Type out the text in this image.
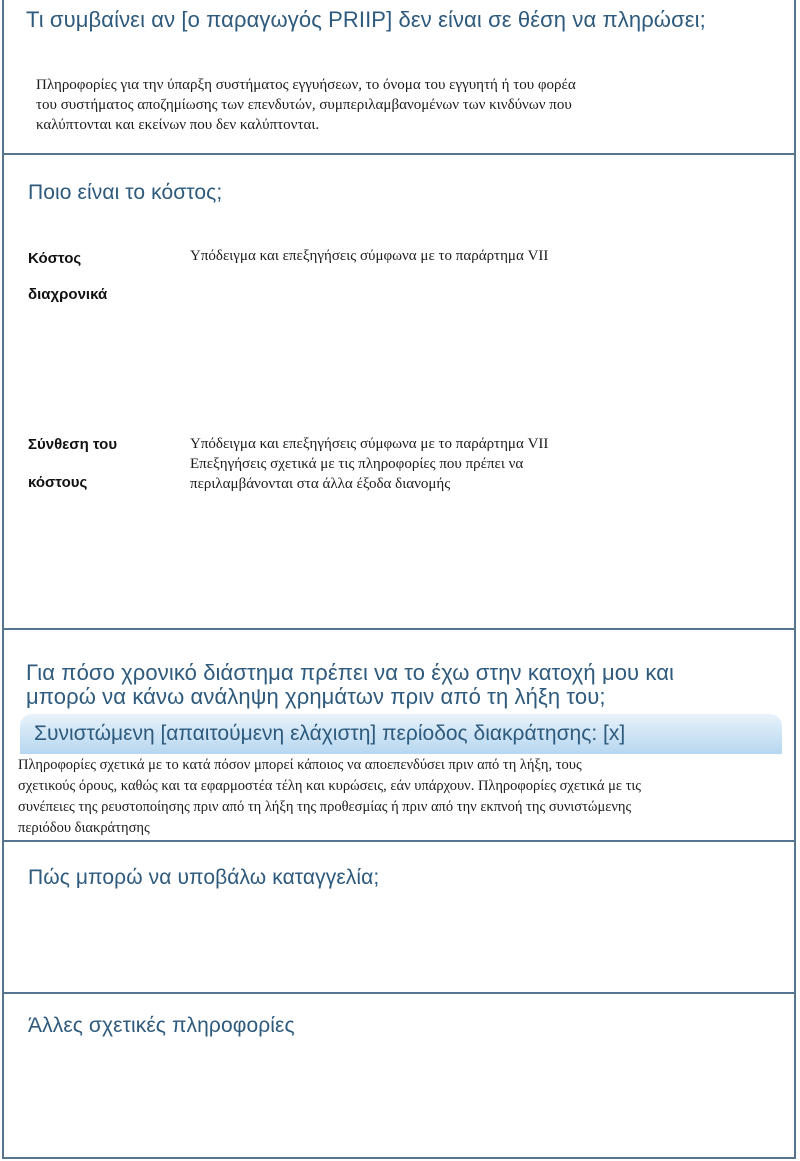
Τι συμβαίνει αν [ο παραγωγός PRIIP] δεν είναι σε θέση να πληρώσει;

Πληροφορίες για την ύπαρξη συστήματος εγγυήσεων, το όνομα του εγγυητή ή του φορέα

του συστήματος αποζημίωσης των επενδυτών, συμπεριλαμβανομένων των κινδύνων που

καλύπτονται και εκείνων που δεν καλύπτονται.

Ποιο είναι το κόστος;

Κόστος

διαχρονικά

Υπόδειγμα και επεξηγήσεις σύμφωνα με το παράρτημα VII

Σύνθεση του

κόστους

Υπόδειγμα και επεξηγήσεις σύμφωνα με το παράρτημα VII

Επεξηγήσεις σχετικά με τις πληροφορίες που πρέπει να

περιλαμβάνονται στα άλλα έξοδα διανομής

Για πόσο χρονικό διάστημα πρέπει να το έχω στην κατοχή μου και
μπορώ να κάνω ανάληψη χρημάτων πριν από τη λήξη του;
Συνιστώμενη [απαιτούμενη ελάχιστη] περίοδος διακράτησης: [x]

Πληροφορίες σχετικά με το κατά πόσον μπορεί κάποιος να αποεπενδύσει πριν από τη λήξη, τους

σχετικούς όρους, καθώς και τα εφαρμοστέα τέλη και κυρώσεις, εάν υπάρχουν. Πληροφορίες σχετικά με τις

συνέπειες της ρευστοποίησης πριν από τη λήξη της προθεσμίας ή πριν από την εκπνοή της συνιστώμενης

περιόδου διακράτησης

Πώς μπορώ να υποβάλω καταγγελία;
Άλλες σχετικές πληροφορίες
